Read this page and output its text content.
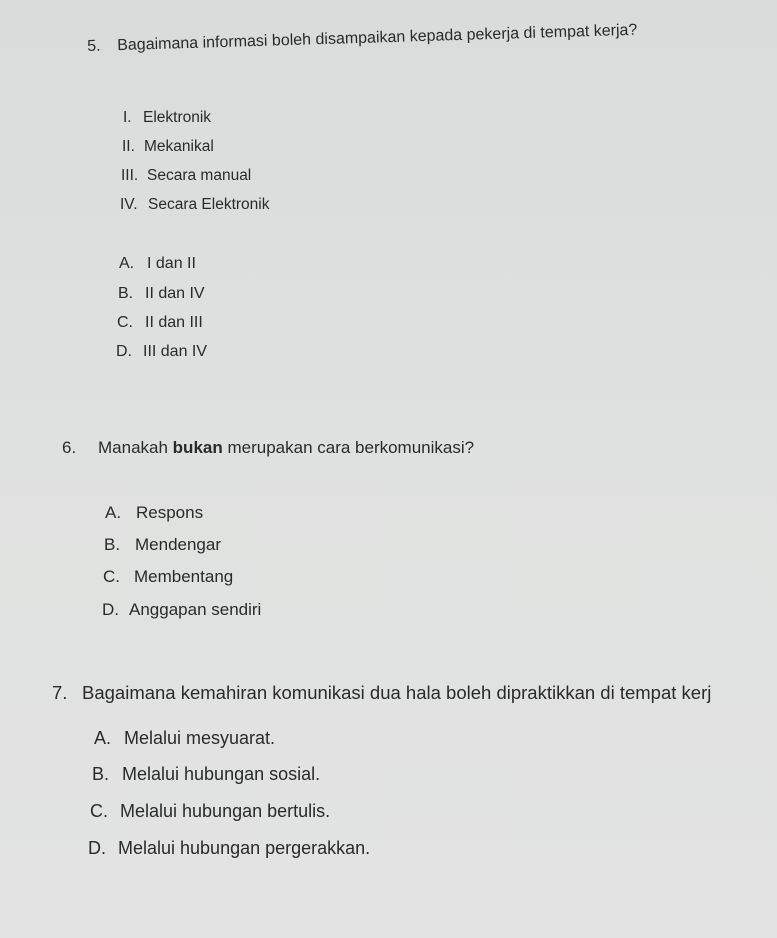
5. Bagaimana informasi boleh disampaikan kepada pekerja di tempat kerja?
I. Elektronik
II. Mekanikal
III. Secara manual
IV. Secara Elektronik
A. I dan II
B. II dan IV
C. II dan III
D. III dan IV
6. Manakah bukan merupakan cara berkomunikasi?
A. Respons
B. Mendengar
C. Membentang
D. Anggapan sendiri
7. Bagaimana kemahiran komunikasi dua hala boleh dipraktikkan di tempat kerj
A. Melalui mesyuarat.
B. Melalui hubungan sosial.
C. Melalui hubungan bertulis.
D. Melalui hubungan pergerakkan.
